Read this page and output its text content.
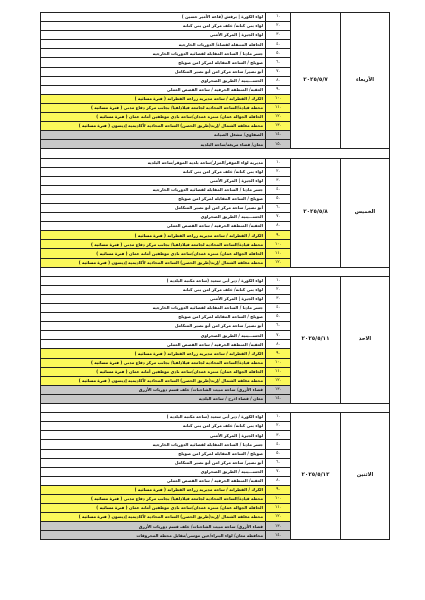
الأربعاء	٢٠٢٥/٥/٧	.١	لواء الكورة | برقش (قاعة الأمير حسين )
		.٢	لواء بني كنانة/ خلف مركز امن بني كنانة
		.٣	لواء الجيزة | المركز الأمني
		.٤	الحافلة المتنقلة لقضاة/ الدوريات الخارجية
		.٥	جسر مادبا / الساحة المقابلة لقضائية الدوريات الخارجية
		.٦	صويلح / الساحة المقابلة لمركز امن صويلح
		.٧	أبو نصير/ ساحة مركز امن أبو نصير المتكامل
		.٨	الحســـينية / الطريق الصحراوي
		.٩	العقبة/ المنطقة الحرفية / ساحة القصص العملي
		.١٠	الكرك / القطرانة / ساحة مديرية زراعة القطرانة ( فترة مسائية )
		.١١	محطة قيادة/الساحة المحاذية لجامعة فيلادلفيا/ بجانب مركز دفاع مدني ( فترة مسائية )
		.١٢	الحافلة الجوالة عمان/ منتزه غمدان/ساحة نادي موظفين أمانة عمان ( فترة مسائية )
		.١٣	محطة مغلقة الشمال /إربد(طريق الحصن) الساحة المحاذية لأكاديمية إديسون ( فترة مسائية )
		.١٤	الصفاوي/ مشغل الصيانة
		.١٥	معان/ قضاء مريغة/ساحة البلدية

الخميس	٢٠٢٥/٥/٨	.١	مديرية لواء الموقر/المزار/ساحة بلدية الموقر/ساحة البلدية
		.٢	لواء بني كنانة/ خلف مركز امن بني كنانة
		.٣	لواء الجيزة | المركز الأمني
		.٤	جسر مادبا / الساحة المقابلة لقضائية الدوريات الخارجية
		.٥	صويلح / الساحة المقابلة لمركز امن صويلح
		.٦	أبو نصير/ ساحة مركز امن أبو نصير المتكامل
		.٧	الحســـينية / الطريق الصحراوي
		.٨	العقبة/ المنطقة الحرفية / ساحة القصص العملي
		.٩	الكرك / القطرانة / ساحة مديرية زراعة القطرانة ( فترة مسائية )
		.١٠	محطة قيادة/الساحة المحاذية لجامعة فيلادلفيا/ بجانب مركز دفاع مدني ( فترة مسائية )
		.١١	الحافلة الجوالة عمان/ منتزه غمدان/ساحة نادي موظفين أمانة عمان ( فترة مسائية )
		.١٢	محطة مغلقة الشمال /إربد(طريق الحصن) الساحة المحاذية لأكاديمية إديسون ( فترة مسائية )

الاحد	٢٠٢٥/٥/١١	.١	لواء الكورة / دير أبي سعيد (ساحة مكتبة البلدية )
		.٢	لواء بني كنانة/ خلف مركز امن بني كنانة
		.٣	لواء الجيزة | المركز الأمني
		.٤	جسر مادبا / الساحة المقابلة لقضائية الدوريات الخارجية
		.٥	صويلح / الساحة المقابلة لمركز امن صويلح
		.٦	أبو نصير/ ساحة مركز امن أبو نصير المتكامل
		.٧	الحســـينية / الطريق الصحراوي
		.٨	العقبة/ المنطقة الحرفية / ساحة القصص العملي
		.٩	الكرك / القطرانة / ساحة مديرية زراعة القطرانة ( فترة مسائية )
		.١٠	محطة قيادة/الساحة المحاذية لجامعة فيلادلفيا/ بجانب مركز دفاع مدني ( فترة مسائية )
		.١١	الحافلة الجوالة عمان/ منتزه غمدان/ساحة نادي موظفين أمانة عمان ( فترة مسائية )
		.١٢	محطة مغلقة الشمال /إربد(طريق الحصن) الساحة المحاذية لأكاديمية إديسون ( فترة مسائية )
		.١٣	قضاء الأزرق/ ساحة مبيت الشاحنات/ خلف قسم دوريات الأزرق
		.١٤	معان / قضاء اذرح / ساحة البلدية

الاثنين	٢٠٢٥/٥/١٢	.١	لواء الكورة / دير أبي سعيد (ساحة مكتبة البلدية )
		.٢	لواء بني كنانة/ خلف مركز امن بني كنانة
		.٣	لواء الجيزة | المركز الأمني
		.٤	جسر مادبا / الساحة المقابلة لقضائية الدوريات الخارجية
		.٥	صويلح / الساحة المقابلة لمركز امن صويلح
		.٦	أبو نصير/ ساحة مركز امن أبو نصير المتكامل
		.٧	الحســـينية / الطريق الصحراوي
		.٨	العقبة/ المنطقة الحرفية / ساحة القصص العملي
		.٩	الكرك / القطرانة / ساحة مديرية زراعة القطرانة ( فترة مسائية )
		.١٠	محطة قيادة/الساحة المحاذية لجامعة فيلادلفيا/ بجانب مركز دفاع مدني ( فترة مسائية )
		.١١	الحافلة الجوالة عمان/ منتزه غمدان/ساحة نادي موظفين أمانة عمان ( فترة مسائية )
		.١٢	محطة مغلقة الشمال /إربد(طريق الحصن) الساحة المحاذية لأكاديمية إديسون ( فترة مسائية )
		.١٣	قضاء الأزرق/ ساحة مبيت الشاحنات/ خلف قسم دوريات الأزرق
		.١٤	محافظة معان/ لواء البتراء/عين موسى/مقابل محطة المحروقات
